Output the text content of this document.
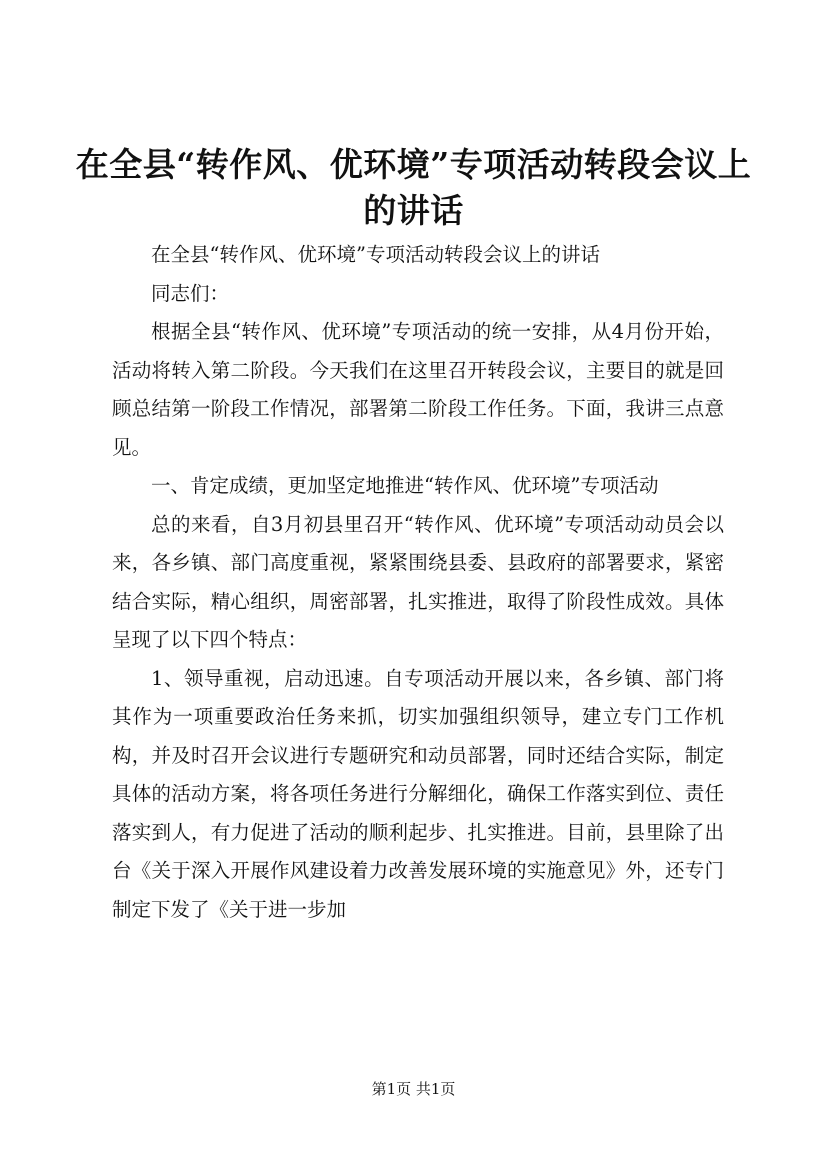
在全县“转作风、优环境”专项活动转段会议上的讲话

在全县“转作风、优环境”专项活动转段会议上的讲话

同志们：

根据全县“转作风、优环境”专项活动的统一安排，从4月份开始，活动将转入第二阶段。今天我们在这里召开转段会议，主要目的就是回顾总结第一阶段工作情况，部署第二阶段工作任务。下面，我讲三点意见。

一、肯定成绩，更加坚定地推进“转作风、优环境”专项活动

总的来看，自3月初县里召开“转作风、优环境”专项活动动员会以来，各乡镇、部门高度重视，紧紧围绕县委、县政府的部署要求，紧密结合实际，精心组织，周密部署，扎实推进，取得了阶段性成效。具体呈现了以下四个特点：

1、领导重视，启动迅速。自专项活动开展以来，各乡镇、部门将其作为一项重要政治任务来抓，切实加强组织领导，建立专门工作机构，并及时召开会议进行专题研究和动员部署，同时还结合实际，制定具体的活动方案，将各项任务进行分解细化，确保工作落实到位、责任落实到人，有力促进了活动的顺利起步、扎实推进。目前，县里除了出台《关于深入开展作风建设着力改善发展环境的实施意见》外，还专门制定下发了《关于进一步加

第1页 共1页
